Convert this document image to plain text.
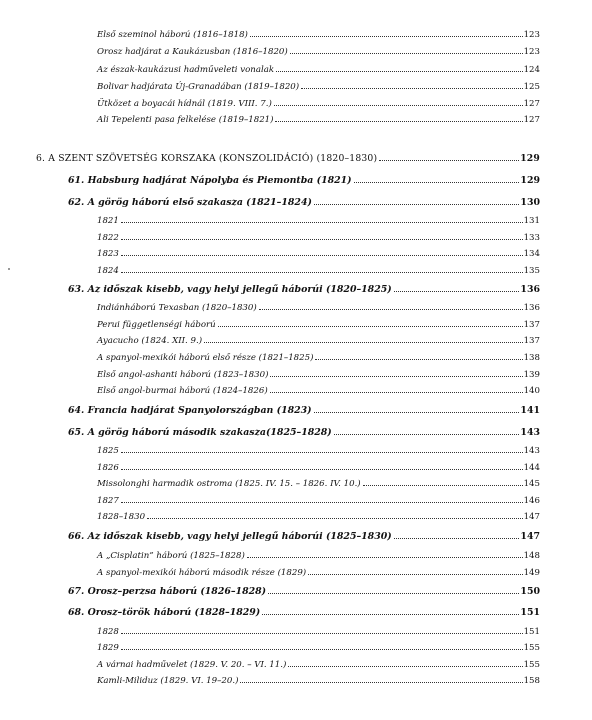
Első szeminol háború (1816–1818)	123
Orosz hadjárat a Kaukázusban (1816–1820)	123
Az észak-kaukázusi hadműveleti vonalak	124
Bolivar hadjárata Új-Granadában (1819–1820)	125
Ütközet a boyacái hídnál (1819. VIII. 7.)	127
Ali Tepelenti pasa felkelése (1819–1821)	127
6. A SZENT SZÖVETSÉG KORSZAKA (KONSZOLIDÁCIÓ) (1820–1830)	129
61. Habsburg hadjárat Nápolyba és Piemontba (1821)	129
62. A görög háború első szakasza (1821–1824)	130
1821	131
1822	133
1823	134
1824	135
63. Az időszak kisebb, vagy helyi jellegű háborúi (1820–1825)	136
Indiánháború Texasban (1820–1830)	136
Perui függetlenségi háború	137
Ayacucho (1824. XII. 9.)	137
A spanyol-mexikói háború első része (1821–1825)	138
Első angol-ashanti háború (1823–1830)	139
Első angol-burmai háború (1824–1826)	140
64. Francia hadjárat Spanyolországban (1823)	141
65. A görög háború második szakasza(1825–1828)	143
1825	143
1826	144
Missolonghi harmadik ostroma (1825. IV. 15. – 1826. IV. 10.)	145
1827	146
1828–1830	147
66. Az időszak kisebb, vagy helyi jellegű háborúi (1825–1830)	147
A „Cisplatin” háború (1825–1828)	148
A spanyol-mexikói háború második része (1829)	149
67. Orosz–perzsa háború (1826–1828)	150
68. Orosz–török háború (1828–1829)	151
1828	151
1829	155
A várnai hadművelet (1829. V. 20. – VI. 11.)	155
Kamli-Miliduz (1829. VI. 19–20.)	158
